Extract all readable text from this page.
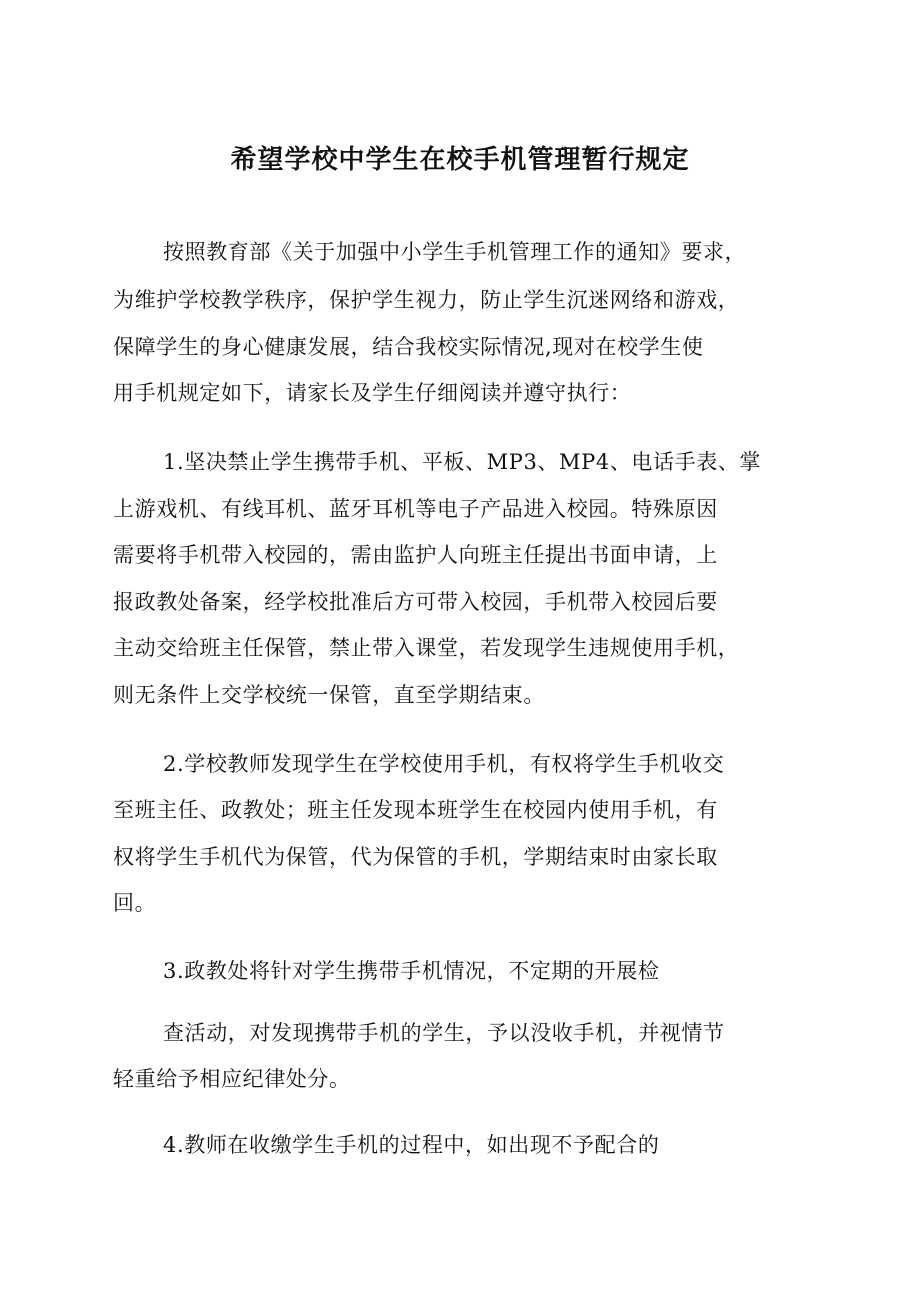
希望学校中学生在校手机管理暂行规定
按照教育部《关于加强中小学生手机管理工作的通知》要求，
为维护学校教学秩序，保护学生视力，防止学生沉迷网络和游戏，
保障学生的身心健康发展，结合我校实际情况,现对在校学生使
用手机规定如下，请家长及学生仔细阅读并遵守执行：
1.坚决禁止学生携带手机、平板、MP3、MP4、电话手表、掌
上游戏机、有线耳机、蓝牙耳机等电子产品进入校园。特殊原因
需要将手机带入校园的，需由监护人向班主任提出书面申请，上
报政教处备案，经学校批准后方可带入校园，手机带入校园后要
主动交给班主任保管，禁止带入课堂，若发现学生违规使用手机，
则无条件上交学校统一保管，直至学期结束。
2.学校教师发现学生在学校使用手机，有权将学生手机收交
至班主任、政教处；班主任发现本班学生在校园内使用手机，有
权将学生手机代为保管，代为保管的手机，学期结束时由家长取
回。
3.政教处将针对学生携带手机情况，不定期的开展检
查活动，对发现携带手机的学生，予以没收手机，并视情节
轻重给予相应纪律处分。
4.教师在收缴学生手机的过程中，如出现不予配合的
